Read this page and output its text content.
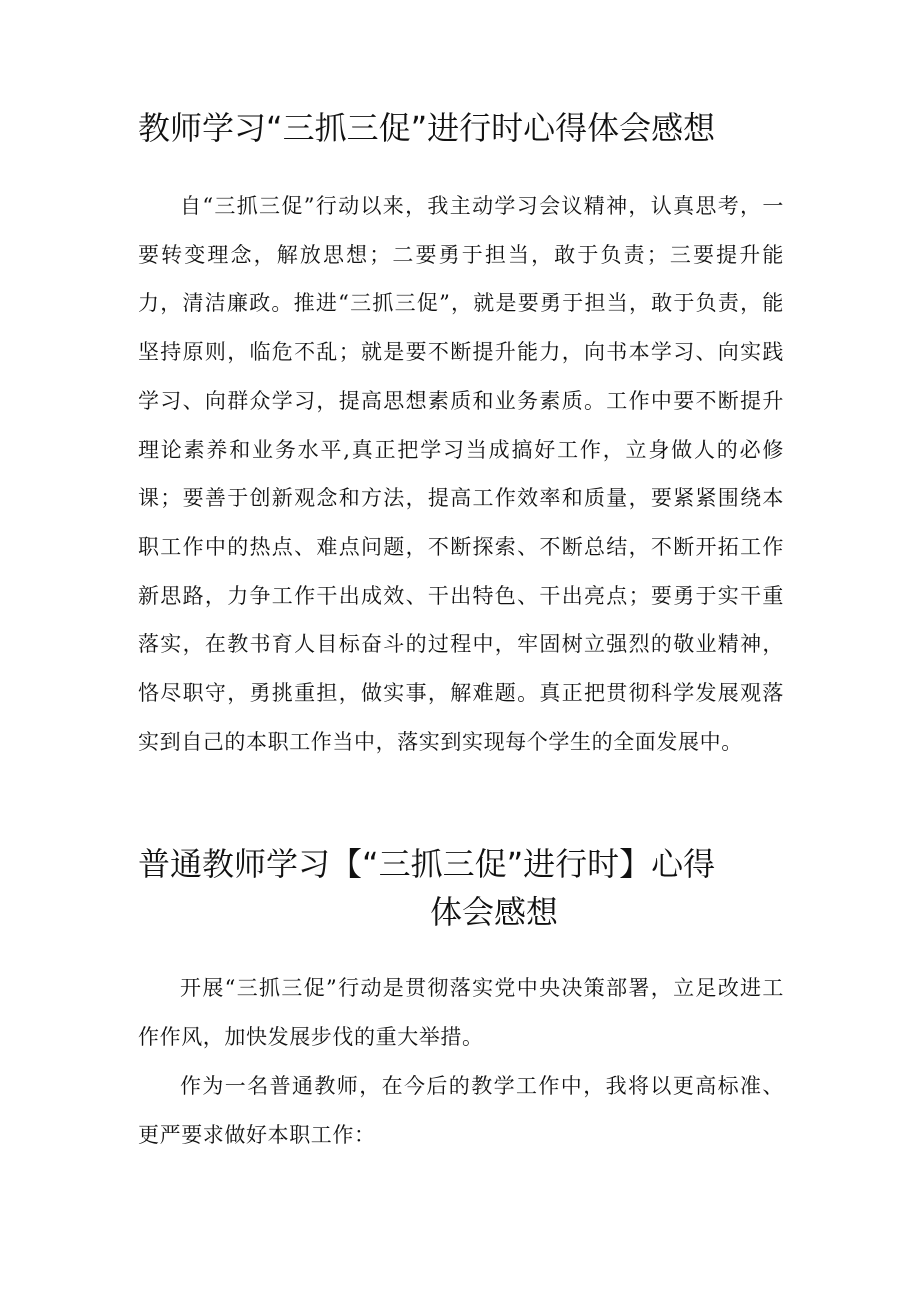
教师学习“三抓三促”进行时心得体会感想

自“三抓三促”行动以来，我主动学习会议精神，认真思考，一要转变理念，解放思想；二要勇于担当，敢于负责；三要提升能力，清洁廉政。推进“三抓三促”，就是要勇于担当，敢于负责，能坚持原则，临危不乱；就是要不断提升能力，向书本学习、向实践学习、向群众学习，提高思想素质和业务素质。工作中要不断提升理论素养和业务水平,真正把学习当成搞好工作，立身做人的必修课；要善于创新观念和方法，提高工作效率和质量，要紧紧围绕本职工作中的热点、难点问题，不断探索、不断总结，不断开拓工作新思路，力争工作干出成效、干出特色、干出亮点；要勇于实干重落实，在教书育人目标奋斗的过程中，牢固树立强烈的敬业精神，恪尽职守，勇挑重担，做实事，解难题。真正把贯彻科学发展观落实到自己的本职工作当中，落实到实现每个学生的全面发展中。

普通教师学习【“三抓三促”进行时】心得
体会感想

开展“三抓三促”行动是贯彻落实党中央决策部署，立足改进工作作风，加快发展步伐的重大举措。

作为一名普通教师，在今后的教学工作中，我将以更高标准、更严要求做好本职工作：
